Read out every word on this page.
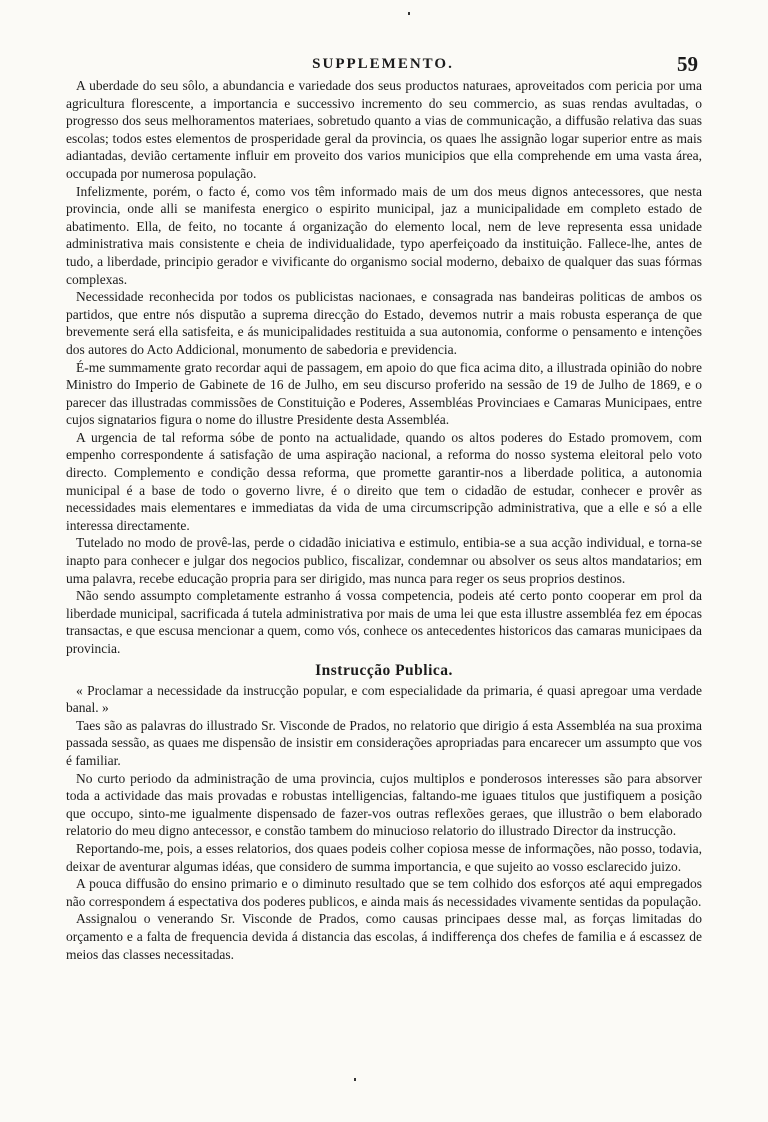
SUPPLEMENTO.	59

A uberdade do seu sôlo, a abundancia e variedade dos seus productos naturaes, aproveitados com pericia por uma agricultura florescente, a importancia e successivo incremento do seu commercio, as suas rendas avultadas, o progresso dos seus melhoramentos materiaes, sobretudo quanto a vias de communicação, a diffusão relativa das suas escolas; todos estes elementos de prosperidade geral da provincia, os quaes lhe assignão logar superior entre as mais adiantadas, devião certamente influir em proveito dos varios municipios que ella comprehende em uma vasta área, occupada por numerosa população.

Infelizmente, porém, o facto é, como vos têm informado mais de um dos meus dignos antecessores, que nesta provincia, onde alli se manifesta energico o espirito municipal, jaz a municipalidade em completo estado de abatimento. Ella, de feito, no tocante á organização do elemento local, nem de leve representa essa unidade administrativa mais consistente e cheia de individualidade, typo aperfeiçoado da instituição. Fallece-lhe, antes de tudo, a liberdade, principio gerador e vivificante do organismo social moderno, debaixo de qualquer das suas fórmas complexas.

Necessidade reconhecida por todos os publicistas nacionaes, e consagrada nas bandeiras politicas de ambos os partidos, que entre nós disputão a suprema direcção do Estado, devemos nutrir a mais robusta esperança de que brevemente será ella satisfeita, e ás municipalidades restituida a sua autonomia, conforme o pensamento e intenções dos autores do Acto Addicional, monumento de sabedoria e previdencia.

É-me summamente grato recordar aqui de passagem, em apoio do que fica acima dito, a illustrada opinião do nobre Ministro do Imperio de Gabinete de 16 de Julho, em seu discurso proferido na sessão de 19 de Julho de 1869, e o parecer das illustradas commissões de Constituição e Poderes, Assembléas Provinciaes e Camaras Municipaes, entre cujos signatarios figura o nome do illustre Presidente desta Assembléa.

A urgencia de tal reforma sóbe de ponto na actualidade, quando os altos poderes do Estado promovem, com empenho correspondente á satisfação de uma aspiração nacional, a reforma do nosso systema eleitoral pelo voto directo. Complemento e condição dessa reforma, que promette garantir-nos a liberdade politica, a autonomia municipal é a base de todo o governo livre, é o direito que tem o cidadão de estudar, conhecer e provêr as necessidades mais elementares e immediatas da vida de uma circumscripção administrativa, que a elle e só a elle interessa directamente.

Tutelado no modo de provê-las, perde o cidadão iniciativa e estimulo, entibia-se a sua acção individual, e torna-se inapto para conhecer e julgar dos negocios publico, fiscalizar, condemnar ou absolver os seus altos mandatarios; em uma palavra, recebe educação propria para ser dirigido, mas nunca para reger os seus proprios destinos.

Não sendo assumpto completamente estranho á vossa competencia, podeis até certo ponto cooperar em prol da liberdade municipal, sacrificada á tutela administrativa por mais de uma lei que esta illustre assembléa fez em épocas transactas, e que escusa mencionar a quem, como vós, conhece os antecedentes historicos das camaras municipaes da provincia.

Instrucção Publica.

« Proclamar a necessidade da instrucção popular, e com especialidade da primaria, é quasi apregoar uma verdade banal. »

Taes são as palavras do illustrado Sr. Visconde de Prados, no relatorio que dirigio á esta Assembléa na sua proxima passada sessão, as quaes me dispensão de insistir em considerações apropriadas para encarecer um assumpto que vos é familiar.

No curto periodo da administração de uma provincia, cujos multiplos e ponderosos interesses são para absorver toda a actividade das mais provadas e robustas intelligencias, faltando-me iguaes titulos que justifiquem a posição que occupo, sinto-me igualmente dispensado de fazer-vos outras reflexões geraes, que illustrão o bem elaborado relatorio do meu digno antecessor, e constão tambem do minucioso relatorio do illustrado Director da instrucção.

Reportando-me, pois, a esses relatorios, dos quaes podeis colher copiosa messe de informações, não posso, todavia, deixar de aventurar algumas idéas, que considero de summa importancia, e que sujeito ao vosso esclarecido juizo.

A pouca diffusão do ensino primario e o diminuto resultado que se tem colhido dos esforços até aqui empregados não correspondem á espectativa dos poderes publicos, e ainda mais ás necessidades vivamente sentidas da população.

Assignalou o venerando Sr. Visconde de Prados, como causas principaes desse mal, as forças limitadas do orçamento e a falta de frequencia devida á distancia das escolas, á indifferença dos chefes de familia e á escassez de meios das classes necessitadas.
